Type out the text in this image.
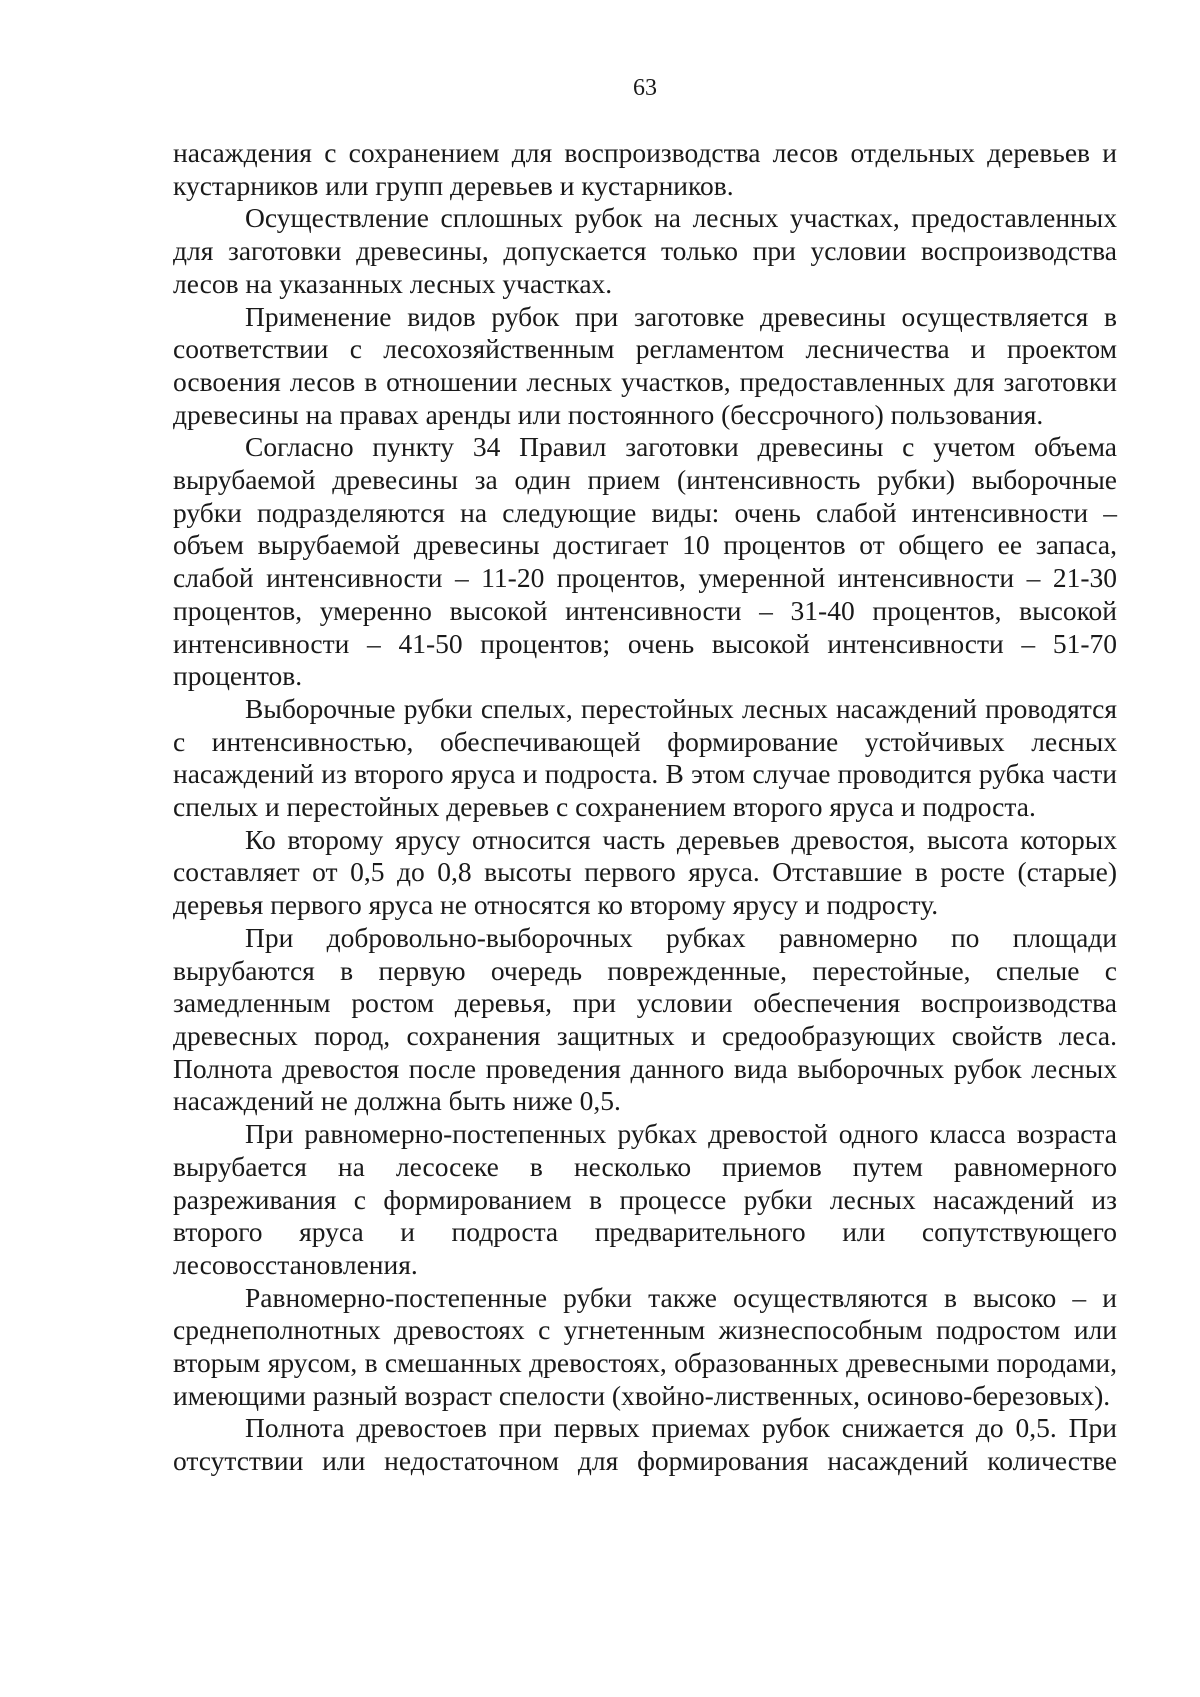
63

насаждения с сохранением для воспроизводства лесов отдельных деревьев и кустарников или групп деревьев и кустарников.

Осуществление сплошных рубок на лесных участках, предоставленных для заготовки древесины, допускается только при условии воспроизводства лесов на указанных лесных участках.

Применение видов рубок при заготовке древесины осуществляется в соответствии с лесохозяйственным регламентом лесничества и проектом освоения лесов в отношении лесных участков, предоставленных для заготовки древесины на правах аренды или постоянного (бессрочного) пользования.

Согласно пункту 34 Правил заготовки древесины с учетом объема вырубаемой древесины за один прием (интенсивность рубки) выборочные рубки подразделяются на следующие виды: очень слабой интенсивности – объем вырубаемой древесины достигает 10 процентов от общего ее запаса, слабой интенсивности – 11-20 процентов, умеренной интенсивности – 21-30 процентов, умеренно высокой интенсивности – 31-40 процентов, высокой интенсивности – 41-50 процентов; очень высокой интенсивности – 51-70 процентов.

Выборочные рубки спелых, перестойных лесных насаждений проводятся с интенсивностью, обеспечивающей формирование устойчивых лесных насаждений из второго яруса и подроста. В этом случае проводится рубка части спелых и перестойных деревьев с сохранением второго яруса и подроста.

Ко второму ярусу относится часть деревьев древостоя, высота которых составляет от 0,5 до 0,8 высоты первого яруса. Отставшие в росте (старые) деревья первого яруса не относятся ко второму ярусу и подросту.

При добровольно-выборочных рубках равномерно по площади вырубаются в первую очередь поврежденные, перестойные, спелые с замедленным ростом деревья, при условии обеспечения воспроизводства древесных пород, сохранения защитных и средообразующих свойств леса. Полнота древостоя после проведения данного вида выборочных рубок лесных насаждений не должна быть ниже 0,5.

При равномерно-постепенных рубках древостой одного класса возраста вырубается на лесосеке в несколько приемов путем равномерного разреживания с формированием в процессе рубки лесных насаждений из второго яруса и подроста предварительного или сопутствующего лесовосстановления.

Равномерно-постепенные рубки также осуществляются в высоко – и среднеполнотных древостоях с угнетенным жизнеспособным подростом или вторым ярусом, в смешанных древостоях, образованных древесными породами, имеющими разный возраст спелости (хвойно-лиственных, осиново-березовых).

Полнота древостоев при первых приемах рубок снижается до 0,5. При отсутствии или недостаточном для формирования насаждений количестве
